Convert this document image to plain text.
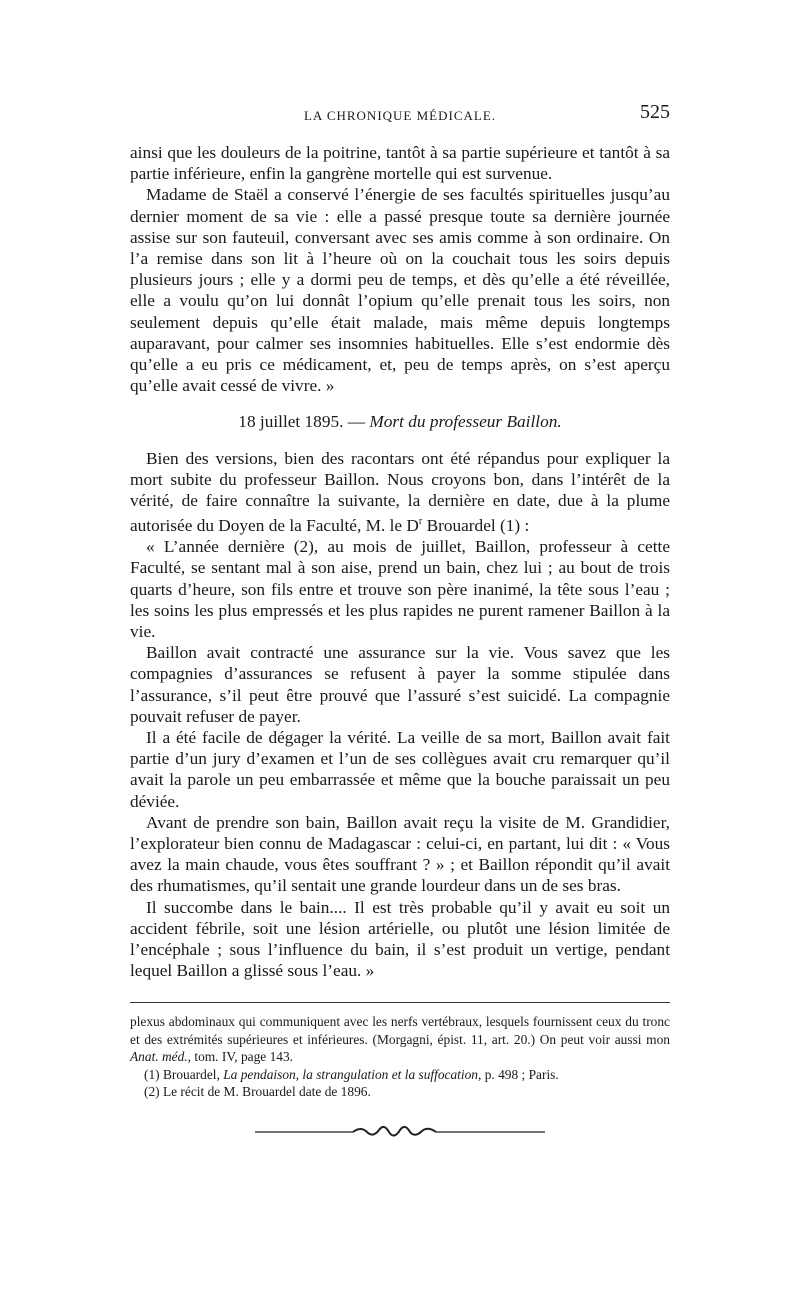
LA CHRONIQUE MÉDICALE.	525

ainsi que les douleurs de la poitrine, tantôt à sa partie supérieure et tantôt à sa partie inférieure, enfin la gangrène mortelle qui est survenue.

Madame de Staël a conservé l’énergie de ses facultés spirituelles jusqu’au dernier moment de sa vie : elle a passé presque toute sa dernière journée assise sur son fauteuil, conversant avec ses amis comme à son ordinaire. On l’a remise dans son lit à l’heure où on la couchait tous les soirs depuis plusieurs jours ; elle y a dormi peu de temps, et dès qu’elle a été réveillée, elle a voulu qu’on lui donnât l’opium qu’elle prenait tous les soirs, non seulement depuis qu’elle était malade, mais même depuis longtemps auparavant, pour calmer ses insomnies habituelles. Elle s’est endormie dès qu’elle a eu pris ce médicament, et, peu de temps après, on s’est aperçu qu’elle avait cessé de vivre. »

18 juillet 1895. — Mort du professeur Baillon.

Bien des versions, bien des racontars ont été répandus pour expliquer la mort subite du professeur Baillon. Nous croyons bon, dans l’intérêt de la vérité, de faire connaître la suivante, la dernière en date, due à la plume autorisée du Doyen de la Faculté, M. le $D^r$ Brouardel (1) :

« L’année dernière (2), au mois de juillet, Baillon, professeur à cette Faculté, se sentant mal à son aise, prend un bain, chez lui ; au bout de trois quarts d’heure, son fils entre et trouve son père inanimé, la tête sous l’eau ; les soins les plus empressés et les plus rapides ne purent ramener Baillon à la vie.

Baillon avait contracté une assurance sur la vie. Vous savez que les compagnies d’assurances se refusent à payer la somme stipulée dans l’assurance, s’il peut être prouvé que l’assuré s’est suicidé. La compagnie pouvait refuser de payer.

Il a été facile de dégager la vérité. La veille de sa mort, Baillon avait fait partie d’un jury d’examen et l’un de ses collègues avait cru remarquer qu’il avait la parole un peu embarrassée et même que la bouche paraissait un peu déviée.

Avant de prendre son bain, Baillon avait reçu la visite de M. Grandidier, l’explorateur bien connu de Madagascar : celui-ci, en partant, lui dit : « Vous avez la main chaude, vous êtes souffrant ? » ; et Baillon répondit qu’il avait des rhumatismes, qu’il sentait une grande lourdeur dans un de ses bras.

Il succombe dans le bain.... Il est très probable qu’il y avait eu soit un accident fébrile, soit une lésion artérielle, ou plutôt une lésion limitée de l’encéphale ; sous l’influence du bain, il s’est produit un vertige, pendant lequel Baillon a glissé sous l’eau. »

plexus abdominaux qui communiquent avec les nerfs vertébraux, lesquels fournissent ceux du tronc et des extrémités supérieures et inférieures. (Morgagni, épist. 11, art. 20.) On peut voir aussi mon Anat. méd., tom. IV, page 143.

(1) Brouardel, La pendaison, la strangulation et la suffocation, p. 498 ; Paris.

(2) Le récit de M. Brouardel date de 1896.
